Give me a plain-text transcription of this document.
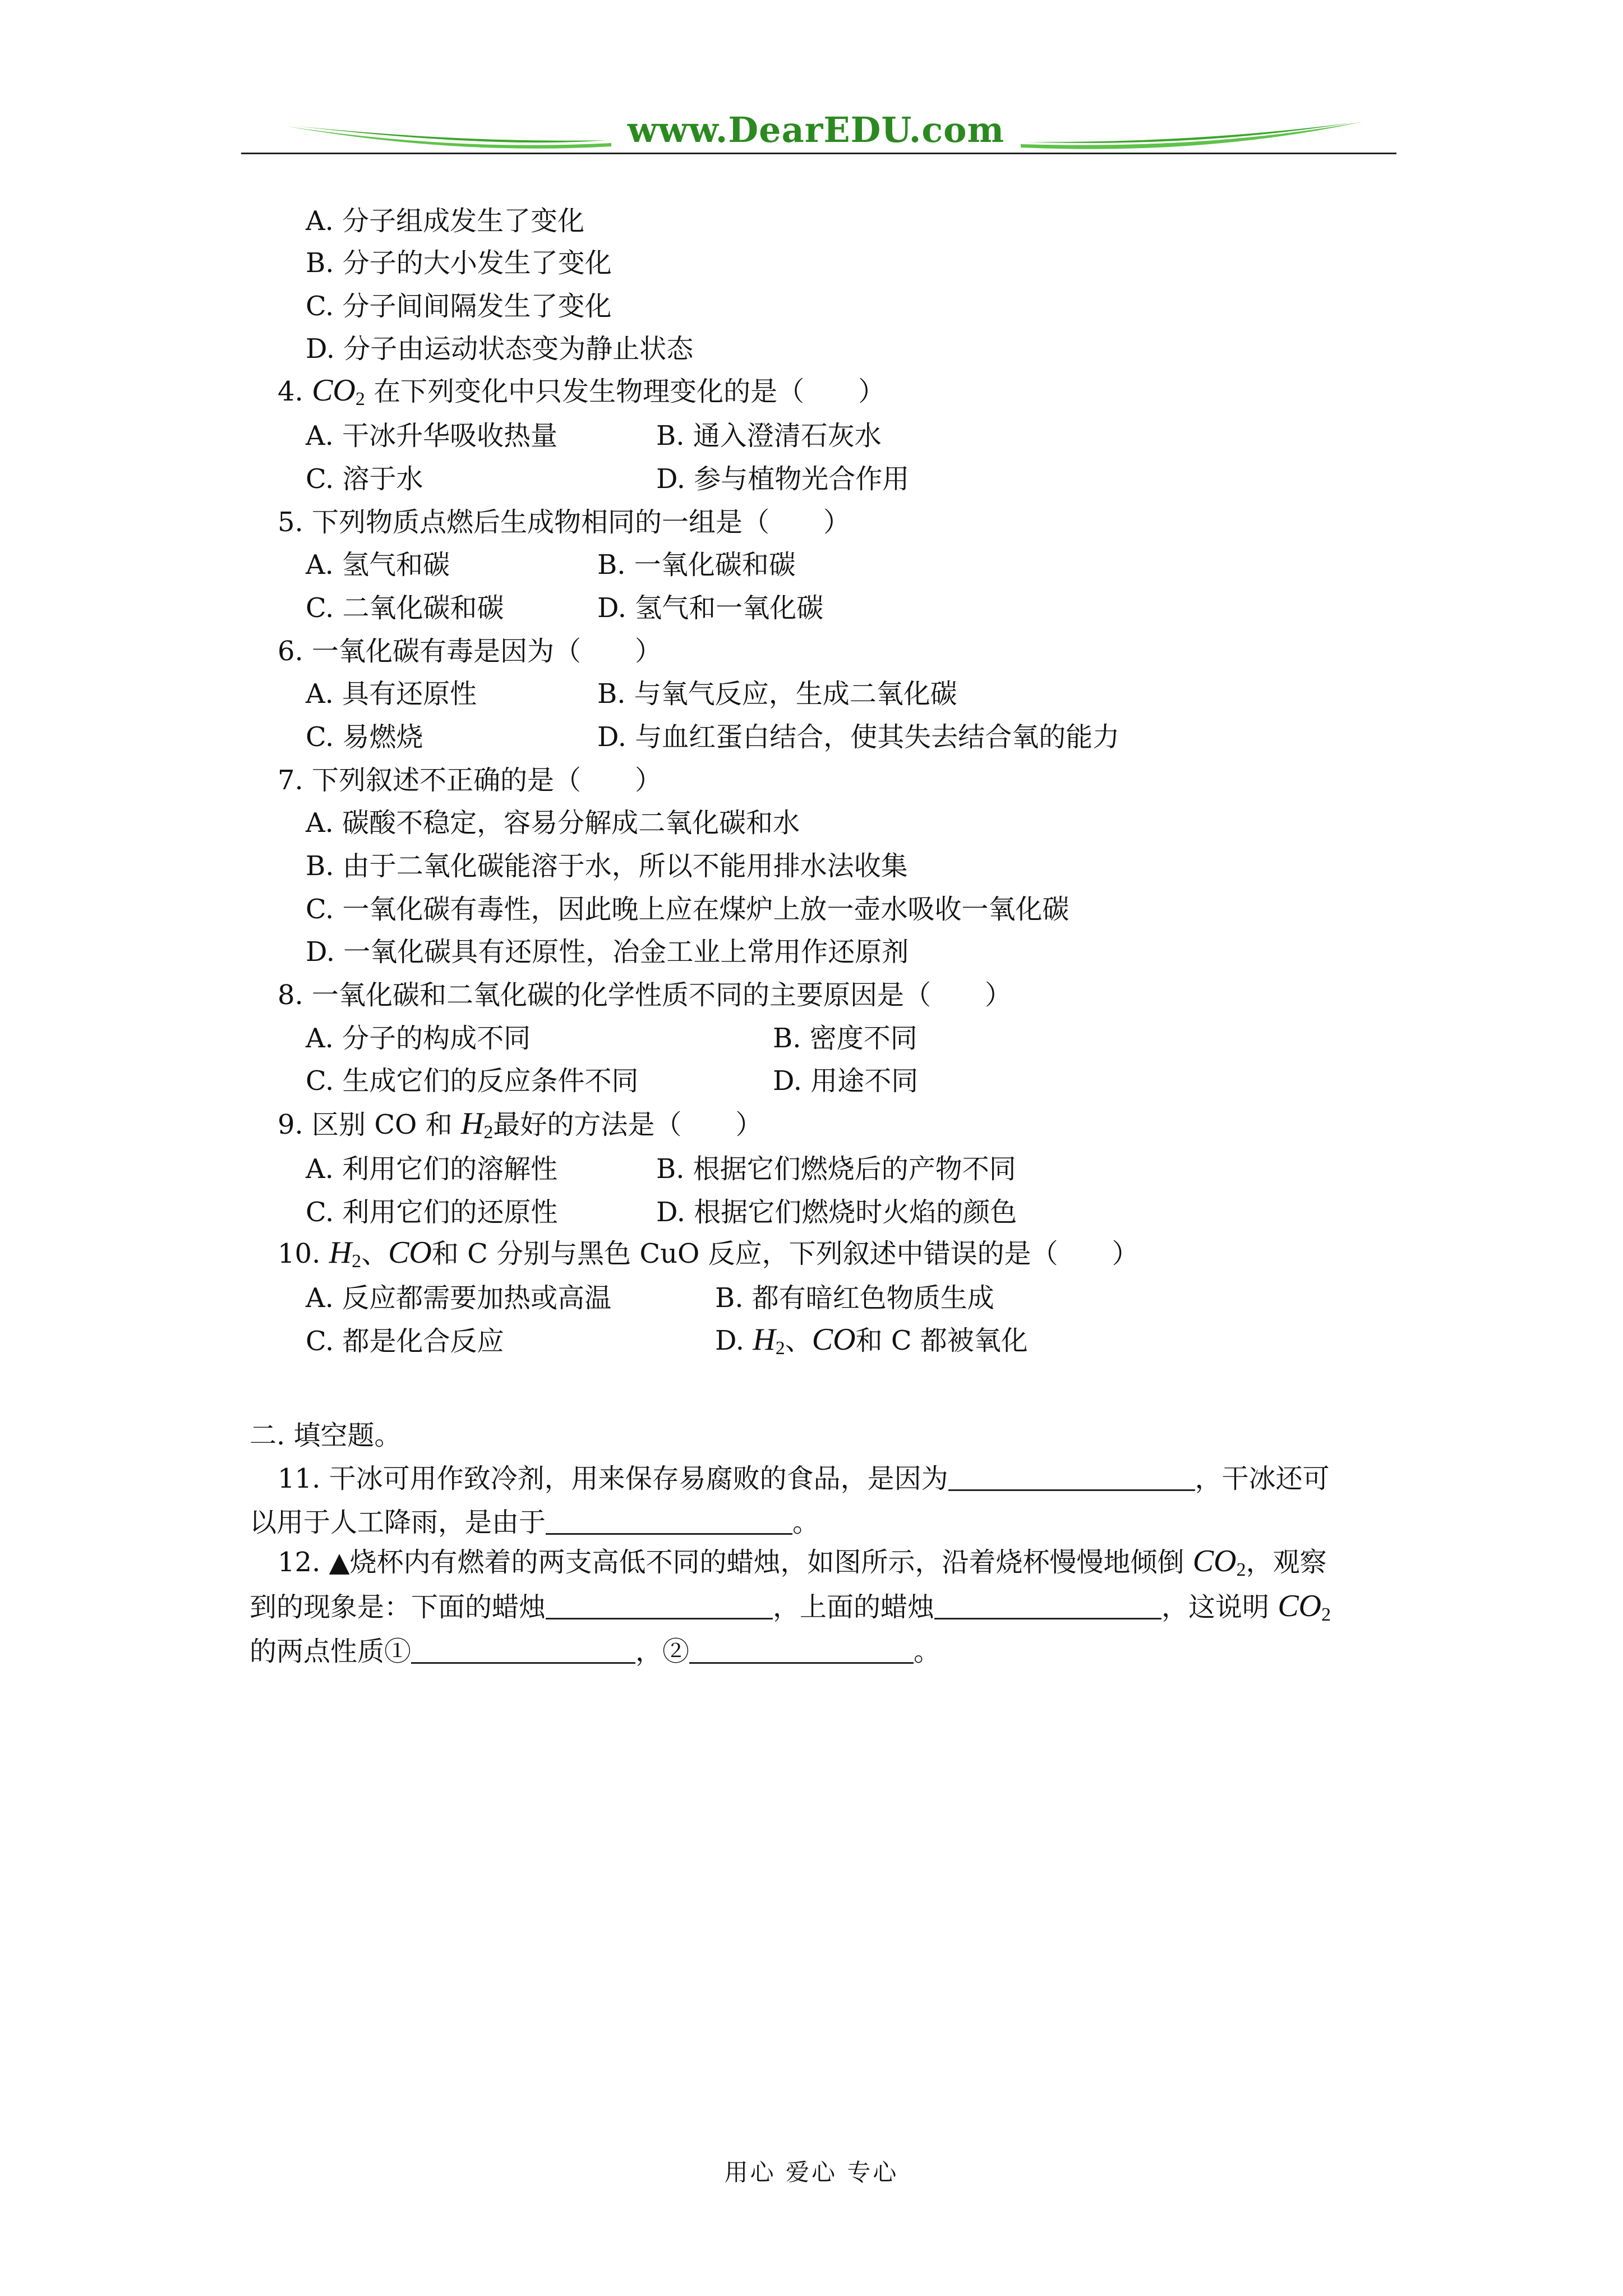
www.DearEDU.com
A. 分子组成发生了变化
B. 分子的大小发生了变化
C. 分子间间隔发生了变化
D. 分子由运动状态变为静止状态
4. $CO_2$ 在下列变化中只发生物理变化的是（　　）
A. 干冰升华吸收热量	B. 通入澄清石灰水
C. 溶于水	D. 参与植物光合作用
5. 下列物质点燃后生成物相同的一组是（　　）
A. 氢气和碳	B. 一氧化碳和碳
C. 二氧化碳和碳	D. 氢气和一氧化碳
6. 一氧化碳有毒是因为（　　）
A. 具有还原性	B. 与氧气反应，生成二氧化碳
C. 易燃烧	D. 与血红蛋白结合，使其失去结合氧的能力
7. 下列叙述不正确的是（　　）
A. 碳酸不稳定，容易分解成二氧化碳和水
B. 由于二氧化碳能溶于水，所以不能用排水法收集
C. 一氧化碳有毒性，因此晚上应在煤炉上放一壶水吸收一氧化碳
D. 一氧化碳具有还原性，冶金工业上常用作还原剂
8. 一氧化碳和二氧化碳的化学性质不同的主要原因是（　　）
A. 分子的构成不同	B. 密度不同
C. 生成它们的反应条件不同	D. 用途不同
9. 区别 CO 和 $H_2$最好的方法是（　　）
A. 利用它们的溶解性	B. 根据它们燃烧后的产物不同
C. 利用它们的还原性	D. 根据它们燃烧时火焰的颜色
10. $H_2$、CO和 C 分别与黑色 CuO 反应，下列叙述中错误的是（　　）
A. 反应都需要加热或高温	B. 都有暗红色物质生成
C. 都是化合反应	D. $H_2$、CO和 C 都被氧化
二. 填空题。
11. 干冰可用作致冷剂，用来保存易腐败的食品，是因为	，干冰还可
以用于人工降雨，是由于	。
12. ▲烧杯内有燃着的两支高低不同的蜡烛，如图所示，沿着烧杯慢慢地倾倒 $CO_2$，观察
到的现象是：下面的蜡烛	，上面的蜡烛	，这说明 $CO_2$
的两点性质①	，②	。
用心 爱心 专心
